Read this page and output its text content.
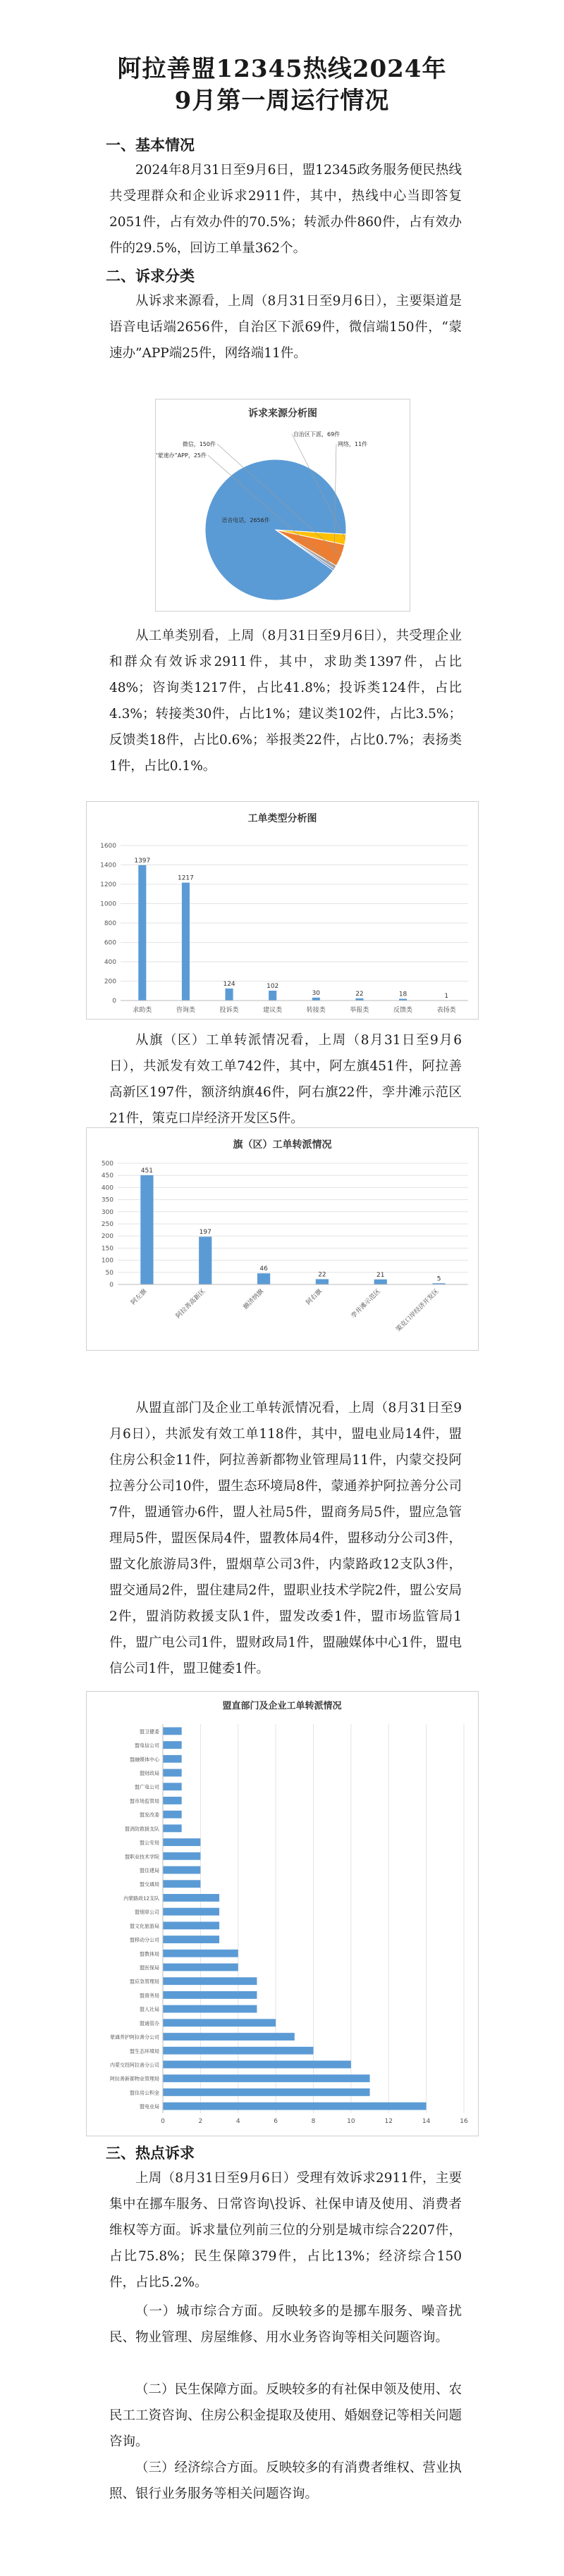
阿拉善盟12345热线2024年
9月第一周运行情况
一、基本情况

2024年8月31日至9月6日，盟12345政务服务便民热线共受理群众和企业诉求2911件，其中，热线中心当即答复2051件，占有效办件的70.5%；转派办件860件，占有效办件的29.5%，回访工单量362个。

二、诉求分类

从诉求来源看，上周（8月31日至9月6日），主要渠道是语音电话端2656件，自治区下派69件，微信端150件，“蒙速办”APP端25件，网络端11件。

诉求来源分析图
语音电话，2656件
自治区下派，69件
微信，150件
“蒙速办”APP，25件
网络，11件

从工单类别看，上周（8月31日至9月6日），共受理企业和群众有效诉求2911件，其中，求助类1397件，占比48%；咨询类1217件，占比41.8%；投诉类124件，占比4.3%；转接类30件，占比1%；建议类102件，占比3.5%；反馈类18件，占比0.6%；举报类22件，占比0.7%；表扬类1件，占比0.1%。

工单类型分析图
0
200
400
600
800
1000
1200
1400
1600
1397
求助类
1217
咨询类
124
投诉类
102
建议类
30
转接类
22
举报类
18
反馈类
1
表扬类

从旗（区）工单转派情况看，上周（8月31日至9月6日），共派发有效工单742件，其中，阿左旗451件，阿拉善高新区197件，额济纳旗46件，阿右旗22件，孪井滩示范区21件，策克口岸经济开发区5件。

旗（区）工单转派情况
0
50
100
150
200
250
300
350
400
450
500
451
阿左旗
197
阿拉善高新区
46
额济纳旗
22
阿右旗
21
孪井滩示范区
5
策克口岸经济开发区

从盟直部门及企业工单转派情况看，上周（8月31日至9月6日），共派发有效工单118件，其中，盟电业局14件，盟住房公积金11件，阿拉善新都物业管理局11件，内蒙交投阿拉善分公司10件，盟生态环境局8件，蒙通养护阿拉善分公司7件，盟通管办6件，盟人社局5件，盟商务局5件，盟应急管理局5件，盟医保局4件，盟教体局4件，盟移动分公司3件，盟文化旅游局3件，盟烟草公司3件，内蒙路政12支队3件，盟交通局2件，盟住建局2件，盟职业技术学院2件，盟公安局2件，盟消防救援支队1件，盟发改委1件，盟市场监管局1件，盟广电公司1件，盟财政局1件，盟融媒体中心1件，盟电信公司1件，盟卫健委1件。

盟直部门及企业工单转派情况
0	2	4	6	8	10	12	14	16
盟电业局
盟住房公积金
阿拉善新都物业管理局
内蒙交投阿拉善分公司
盟生态环境局
蒙通养护阿拉善分公司
盟通管办
盟人社局
盟商务局
盟应急管理局
盟医保局
盟教体局
盟移动分公司
盟文化旅游局
盟烟草公司
内蒙路政12支队
盟交通局
盟住建局
盟职业技术学院
盟公安局
盟消防救援支队
盟发改委
盟市场监管局
盟广电公司
盟财政局
盟融媒体中心
盟电信公司
盟卫健委
三、热点诉求

上周（8月31日至9月6日）受理有效诉求2911件，主要集中在挪车服务、日常咨询\投诉、社保申请及使用、消费者维权等方面。诉求量位列前三位的分别是城市综合2207件，占比75.8%；民生保障379件，占比13%；经济综合150件，占比5.2%。

（一）城市综合方面。反映较多的是挪车服务、噪音扰民、物业管理、房屋维修、用水业务咨询等相关问题咨询。

（二）民生保障方面。反映较多的有社保申领及使用、农民工工资咨询、住房公积金提取及使用、婚姻登记等相关问题咨询。

（三）经济综合方面。反映较多的有消费者维权、营业执照、银行业务服务等相关问题咨询。
